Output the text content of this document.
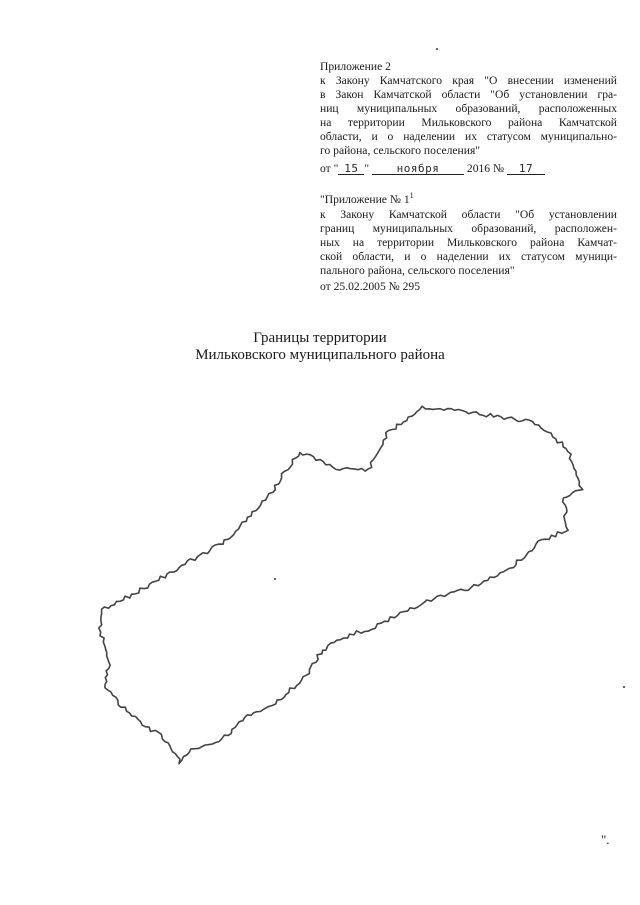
Приложение 2
к Закону Камчатского края "О внесении изменений
в Закон Камчатской области "Об установлении гра-
ниц муниципальных образований, расположенных
на территории Мильковского района Камчатской
области, и о наделении их статусом муниципально-
го района, сельского поселения"
от " 15 "	ноября 2016 № 17
"Приложение № $1^1$
к Закону Камчатской области "Об установлении
границ муниципальных образований, расположен-
ных на территории Мильковского района Камчат-
ской области, и о наделении их статусом муници-
пального района, сельского поселения"
от 25.02.2005 № 295
Границы территории
Мильковского муниципального района
".
